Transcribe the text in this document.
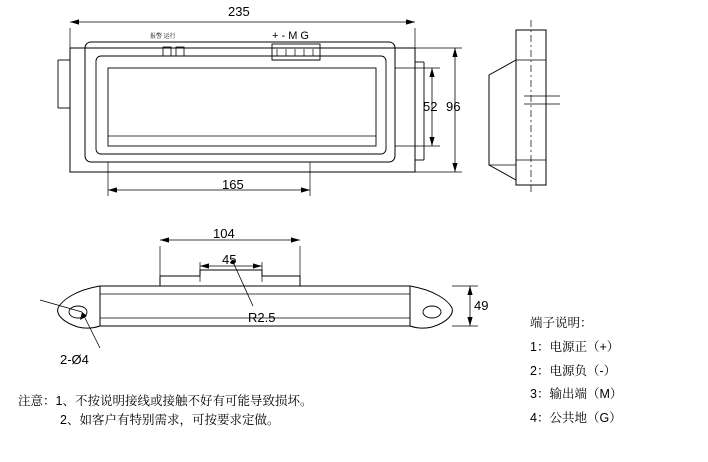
235
165
52 96
报警 运行	+ - M G
104
45
49
R2.5
2-Ø4
端子说明：
1：电源正（+）
2：电源负（-）
3：输出端（M）
4：公共地（G）
注意： 1、不按说明接线或接触不好有可能导致损坏。
2、如客户有特别需求，可按要求定做。
